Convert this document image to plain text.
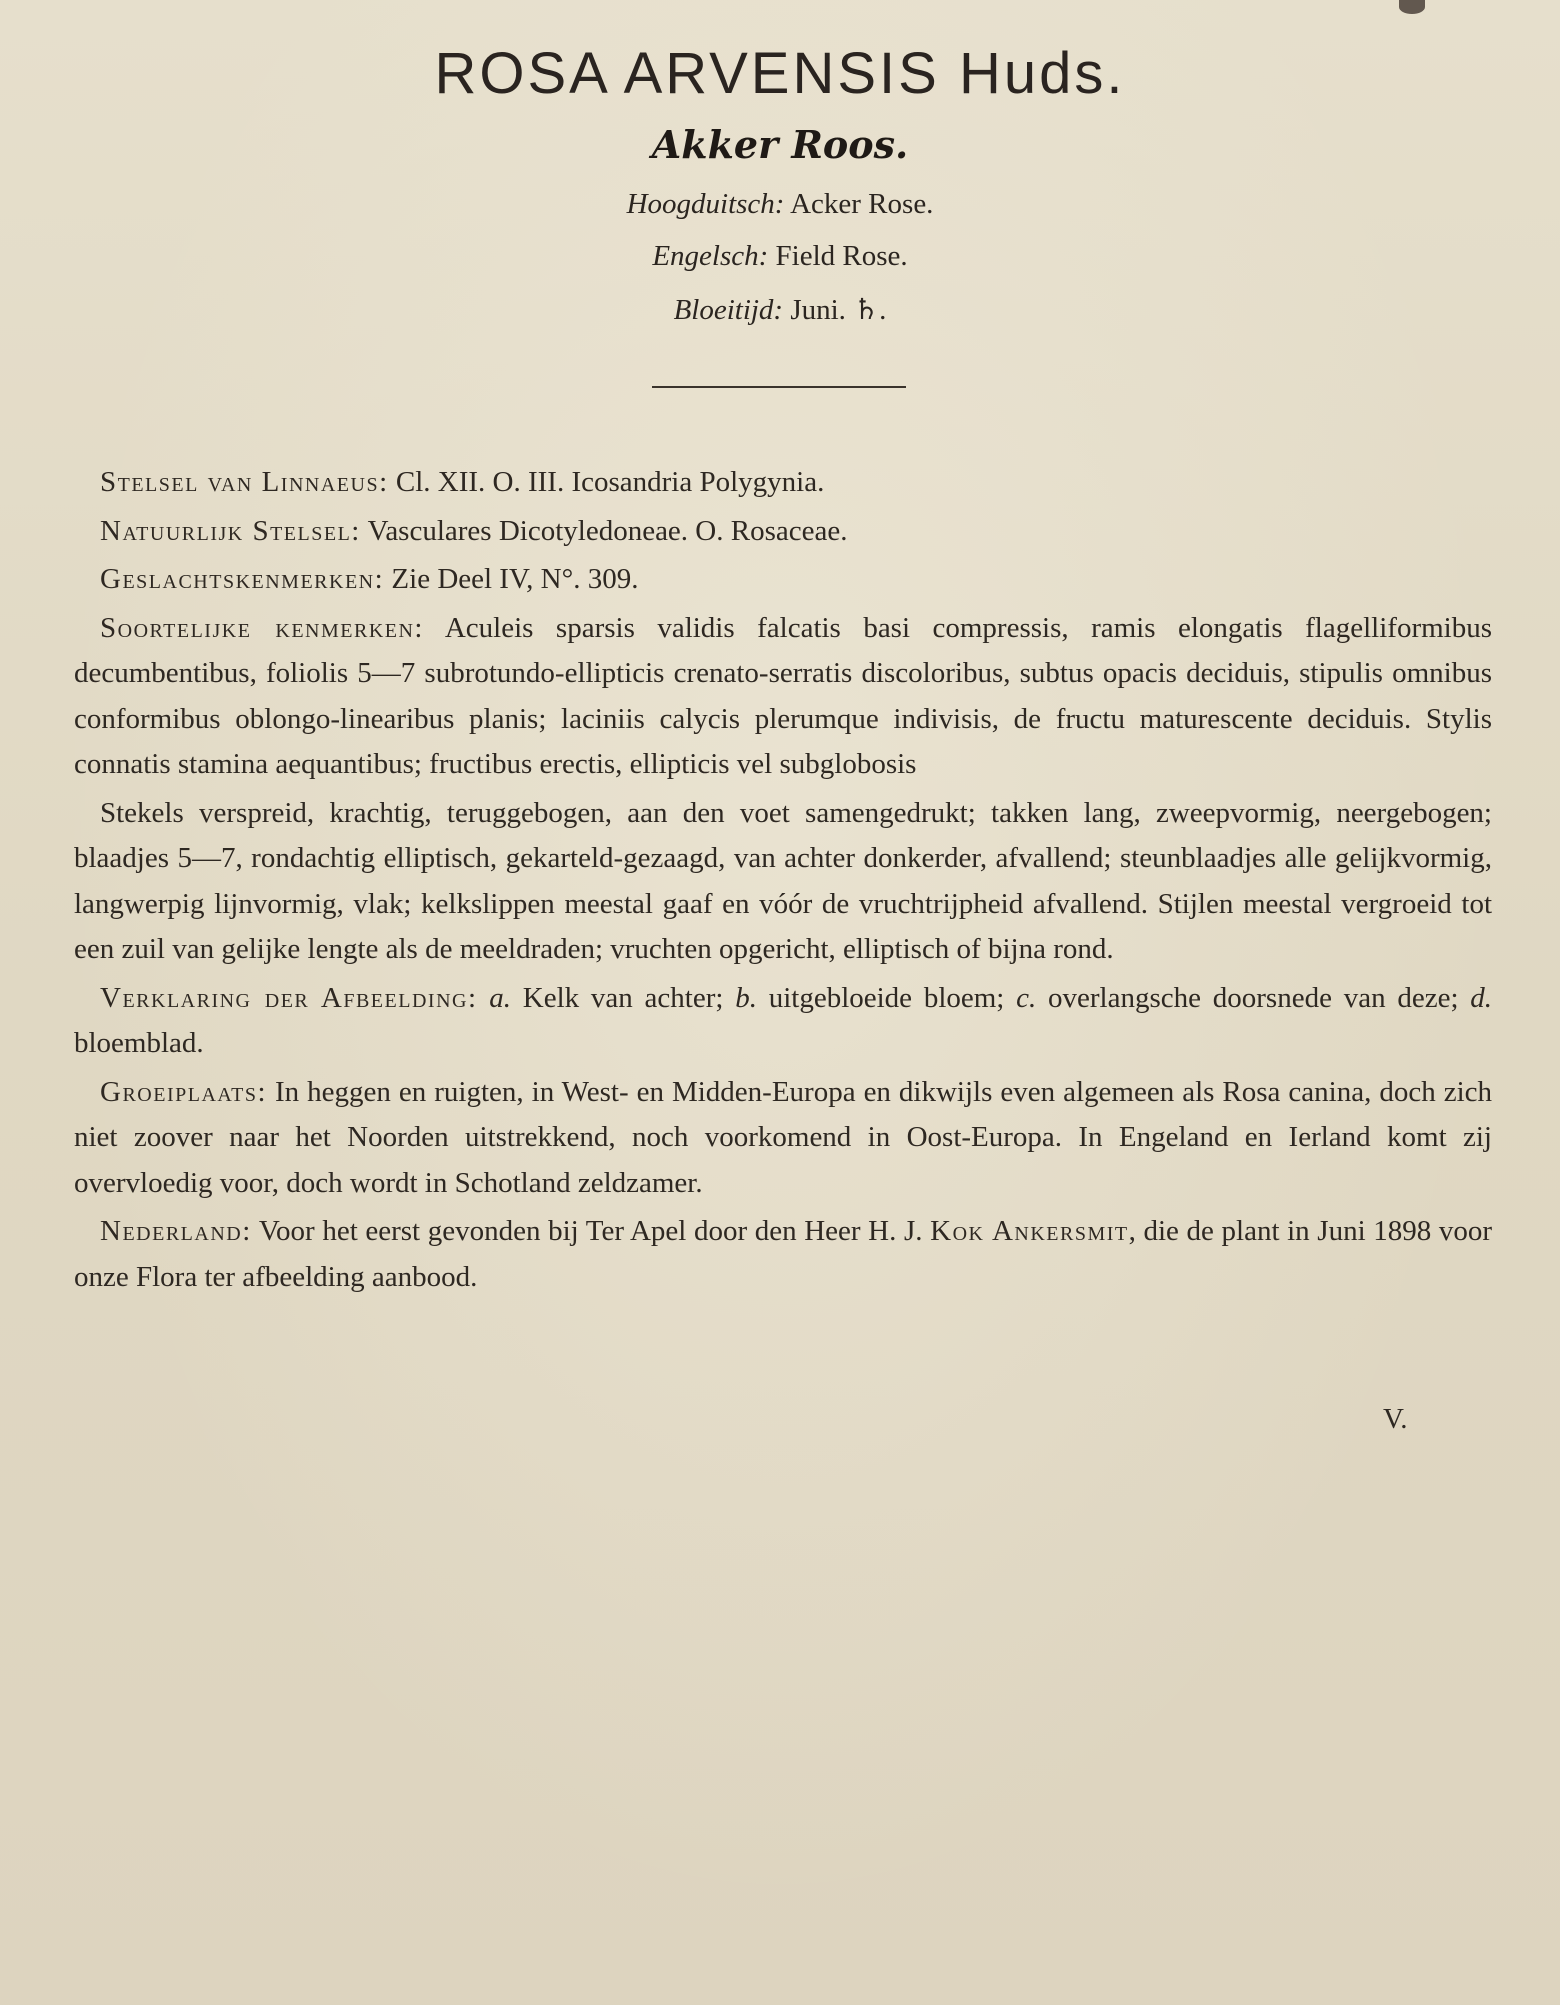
ROSA ARVENSIS Huds.
Akker Roos.
Hoogduitsch: Acker Rose.
Engelsch: Field Rose.
Bloeitijd: Juni. ♄.

Stelsel van Linnaeus: Cl. XII. O. III. Icosandria Polygynia.

Natuurlijk Stelsel: Vasculares Dicotyledoneae. O. Rosaceae.

Geslachtskenmerken: Zie Deel IV, N°. 309.

Soortelijke kenmerken: Aculeis sparsis validis falcatis basi compressis, ramis elongatis flagelliformibus decumbentibus, foliolis 5—7 subrotundo-ellipticis crenato-serratis discoloribus, subtus opacis deciduis, stipulis omnibus conformibus oblongo-linearibus planis; laciniis calycis plerumque indivisis, de fructu maturescente deciduis. Stylis connatis stamina aequantibus; fructibus erectis, ellipticis vel subglobosis

Stekels verspreid, krachtig, teruggebogen, aan den voet samengedrukt; takken lang, zweepvormig, neergebogen; blaadjes 5—7, rondachtig elliptisch, gekarteld-gezaagd, van achter donkerder, afvallend; steunblaadjes alle gelijkvormig, langwerpig lijnvormig, vlak; kelkslippen meestal gaaf en vóór de vruchtrijpheid afvallend. Stijlen meestal vergroeid tot een zuil van gelijke lengte als de meeldraden; vruchten opgericht, elliptisch of bijna rond.

Verklaring der Afbeelding: a. Kelk van achter; b. uitgebloeide bloem; c. overlangsche doorsnede van deze; d. bloemblad.

Groeiplaats: In heggen en ruigten, in West- en Midden-Europa en dikwijls even algemeen als Rosa canina, doch zich niet zoover naar het Noorden uitstrekkend, noch voorkomend in Oost-Europa. In Engeland en Ierland komt zij overvloedig voor, doch wordt in Schotland zeldzamer.

Nederland: Voor het eerst gevonden bij Ter Apel door den Heer H. J. Kok Ankersmit, die de plant in Juni 1898 voor onze Flora ter afbeelding aanbood.

V.
